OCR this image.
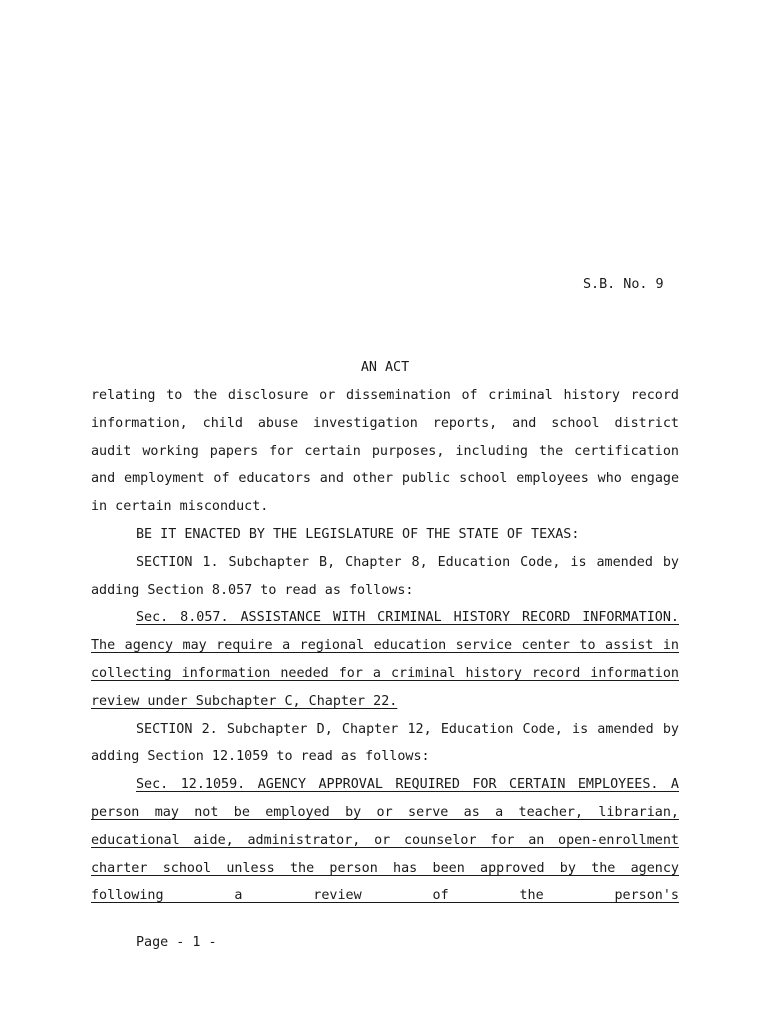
S.B. No. 9
AN ACT

relating to the disclosure or dissemination of criminal history record information, child abuse investigation reports, and school district audit working papers for certain purposes, including the certification and employment of educators and other public school employees who engage in certain misconduct.

BE IT ENACTED BY THE LEGISLATURE OF THE STATE OF TEXAS:

SECTION 1. Subchapter B, Chapter 8, Education Code, is amended by adding Section 8.057 to read as follows:

Sec. 8.057. ASSISTANCE WITH CRIMINAL HISTORY RECORD INFORMATION. The agency may require a regional education service center to assist in collecting information needed for a criminal history record information review under Subchapter C, Chapter 22.

SECTION 2. Subchapter D, Chapter 12, Education Code, is amended by adding Section 12.1059 to read as follows:

Sec. 12.1059. AGENCY APPROVAL REQUIRED FOR CERTAIN EMPLOYEES. A person may not be employed by or serve as a teacher, librarian, educational aide, administrator, or counselor for an open-enrollment charter school unless the person has been approved by the agency following a review of the person's

Page - 1 -
